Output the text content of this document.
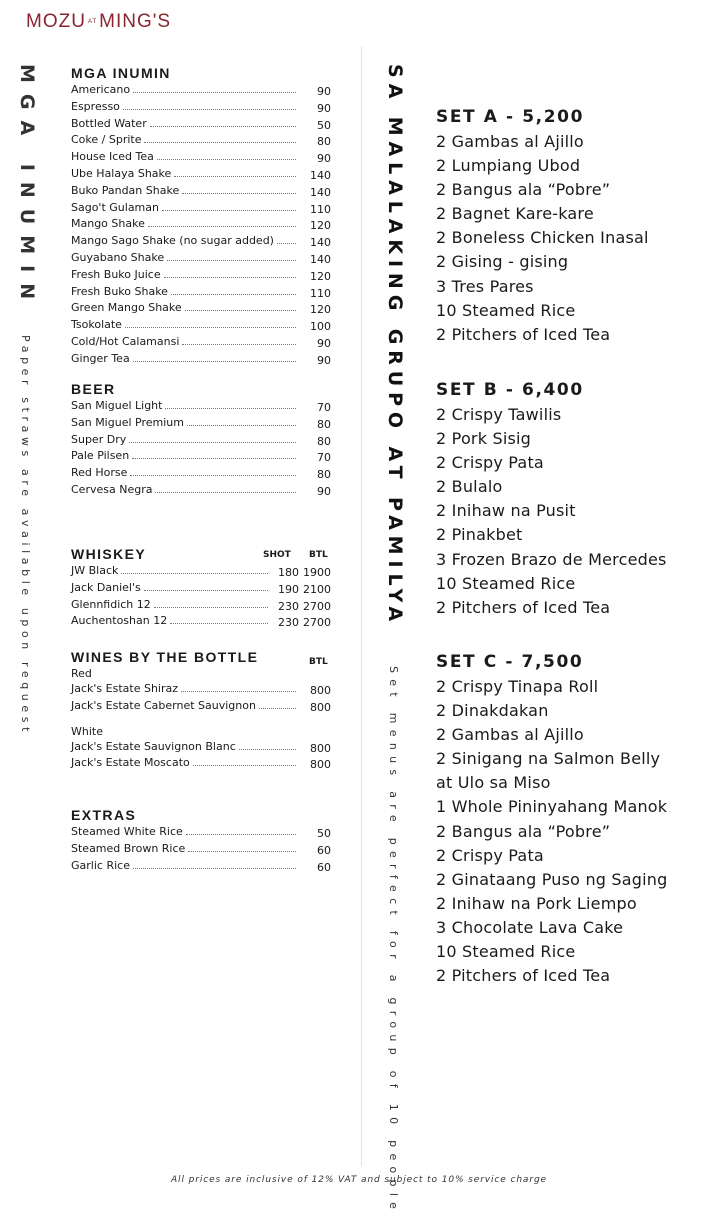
MOZU AT MING'S
MGA INUMIN
Paper straws are available upon request	SA MALALAKING GRUPO AT PAMILYA
Set menus are perfect for a group of 10 people
MGA INUMIN
Americano	90
Espresso	90
Bottled Water	50
Coke / Sprite	80
House Iced Tea	90
Ube Halaya Shake	140
Buko Pandan Shake	140
Sago't Gulaman	110
Mango Shake	120
Mango Sago Shake (no sugar added)	140
Guyabano Shake	140
Fresh Buko Juice	120
Fresh Buko Shake	110
Green Mango Shake	120
Tsokolate	100
Cold/Hot Calamansi	90
Ginger Tea	90
BEER
San Miguel Light	70
San Miguel Premium	80
Super Dry	80
Pale Pilsen	70
Red Horse	80
Cervesa Negra	90
WHISKEY
JW Black	180 1900
Jack Daniel's	190 2100
Glennfidich 12	230 2700
Auchentoshan 12	230 2700
SHOT BTL
WINES BY THE BOTTLE
Red
Jack's Estate Shiraz	800
Jack's Estate Cabernet Sauvignon	800
White
Jack's Estate Sauvignon Blanc	800
Jack's Estate Moscato	800
BTL
EXTRAS
Steamed White Rice	50
Steamed Brown Rice	60
Garlic Rice	60
SET A - 5,200
2 Gambas al Ajillo
2 Lumpiang Ubod
2 Bangus ala “Pobre”
2 Bagnet Kare-kare
2 Boneless Chicken Inasal
2 Gising - gising
3 Tres Pares
10 Steamed Rice
2 Pitchers of Iced Tea
SET B - 6,400
2 Crispy Tawilis
2 Pork Sisig
2 Crispy Pata
2 Bulalo
2 Inihaw na Pusit
2 Pinakbet
3 Frozen Brazo de Mercedes
10 Steamed Rice
2 Pitchers of Iced Tea
SET C - 7,500
2 Crispy Tinapa Roll
2 Dinakdakan
2 Gambas al Ajillo
2 Sinigang na Salmon Belly
at Ulo sa Miso
1 Whole Pininyahang Manok
2 Bangus ala “Pobre”
2 Crispy Pata
2 Ginataang Puso ng Saging
2 Inihaw na Pork Liempo
3 Chocolate Lava Cake
10 Steamed Rice
2 Pitchers of Iced Tea
All prices are inclusive of 12% VAT and subject to 10% service charge
